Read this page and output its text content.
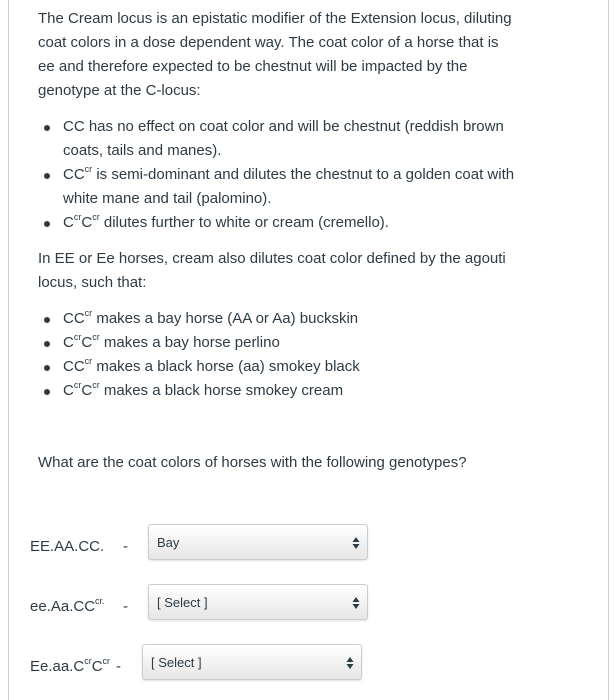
The Cream locus is an epistatic modifier of the Extension locus, diluting coat colors in a dose dependent way. The coat color of a horse that is ee and therefore expected to be chestnut will be impacted by the genotype at the C-locus:

CC has no effect on coat color and will be chestnut (reddish brown coats, tails and manes).
$CC^{cr}$ is semi-dominant and dilutes the chestnut to a golden coat with white mane and tail (palomino).
$C^{cr}C^{cr}$ dilutes further to white or cream (cremello).

In EE or Ee horses, cream also dilutes coat color defined by the agouti locus, such that:

$CC^{cr}$ makes a bay horse (AA or Aa) buckskin
$C^{cr}C^{cr}$ makes a bay horse perlino
$CC^{cr}$ makes a black horse (aa) smokey black
$C^{cr}C^{cr}$ makes a black horse smokey cream

What are the coat colors of horses with the following genotypes?

EE.AA.CC. - Bay
$ee.Aa.CC^{cr.}$ - [ Select ]
$Ee.aa.C^{cr}C^{cr}$ - [ Select ]
